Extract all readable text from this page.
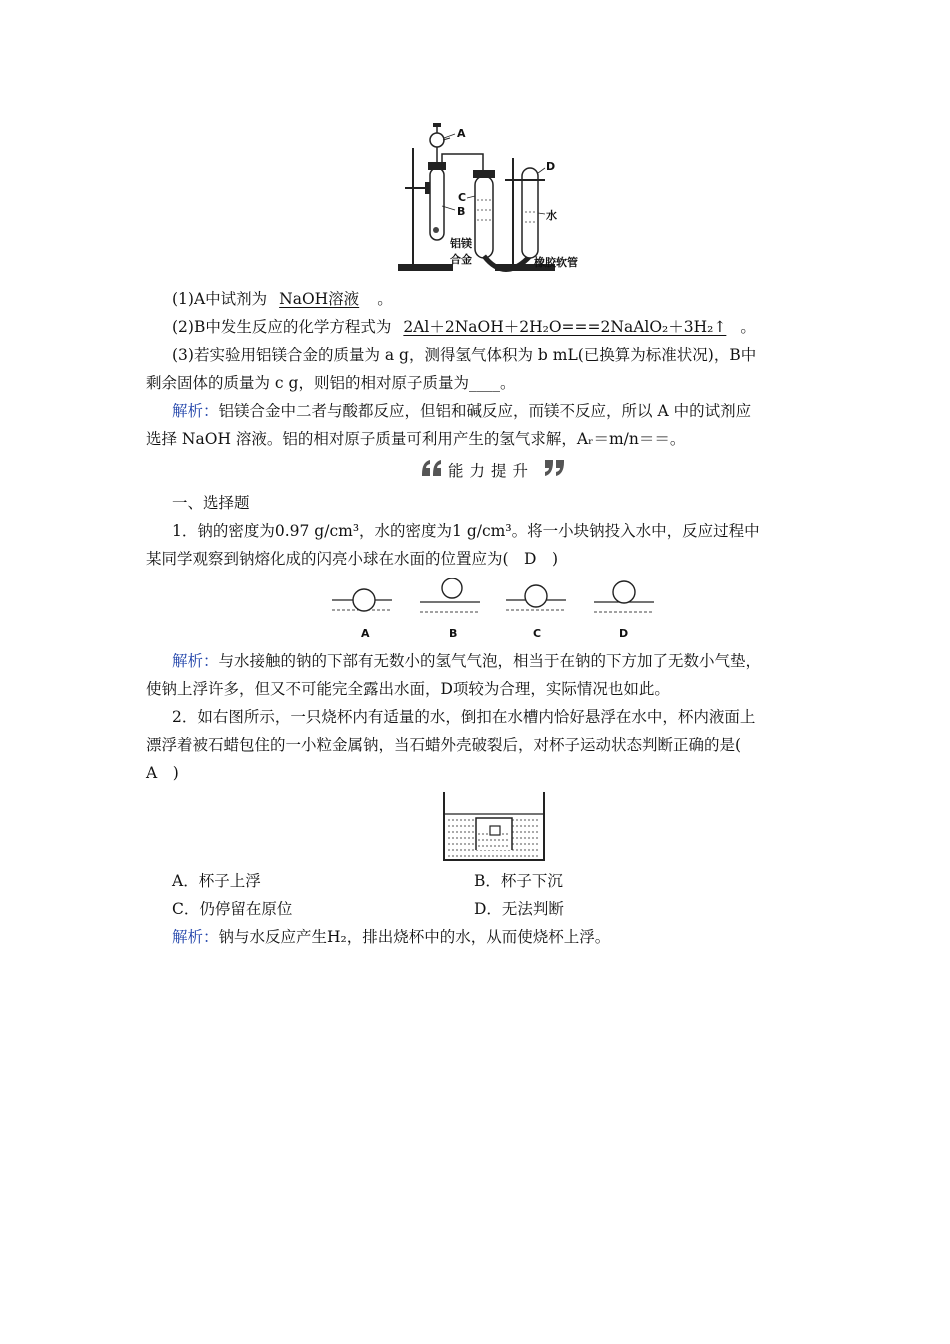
A
B
C
D
水
铝镁
合金	橡胶软管
(1)A中试剂为 NaOH溶液 。
(2)B中发生反应的化学方程式为 2Al＋2NaOH＋2H₂O===2NaAlO₂＋3H₂↑ 。
(3)若实验用铝镁合金的质量为 a g，测得氢气体积为 b mL(已换算为标准状况)，B中
剩余固体的质量为 c g，则铝的相对原子质量为____。
解析：铝镁合金中二者与酸都反应，但铝和碱反应，而镁不反应，所以 A 中的试剂应
选择 NaOH 溶液。铝的相对原子质量可利用产生的氢气求解，Aᵣ＝m/n＝＝。
能力提升
一、选择题
1．钠的密度为0.97 g/cm³，水的密度为1 g/cm³。将一小块钠投入水中，反应过程中
某同学观察到钠熔化成的闪亮小球在水面的位置应为(　D　)
A	B	C	D
解析：与水接触的钠的下部有无数小的氢气气泡，相当于在钠的下方加了无数小气垫，
使钠上浮许多，但又不可能完全露出水面，D项较为合理，实际情况也如此。
2．如右图所示，一只烧杯内有适量的水，倒扣在水槽内恰好悬浮在水中，杯内液面上
漂浮着被石蜡包住的一小粒金属钠，当石蜡外壳破裂后，对杯子运动状态判断正确的是(
A　)
A．杯子上浮	B．杯子下沉
C．仍停留在原位	D．无法判断
解析：钠与水反应产生H₂，排出烧杯中的水，从而使烧杯上浮。
